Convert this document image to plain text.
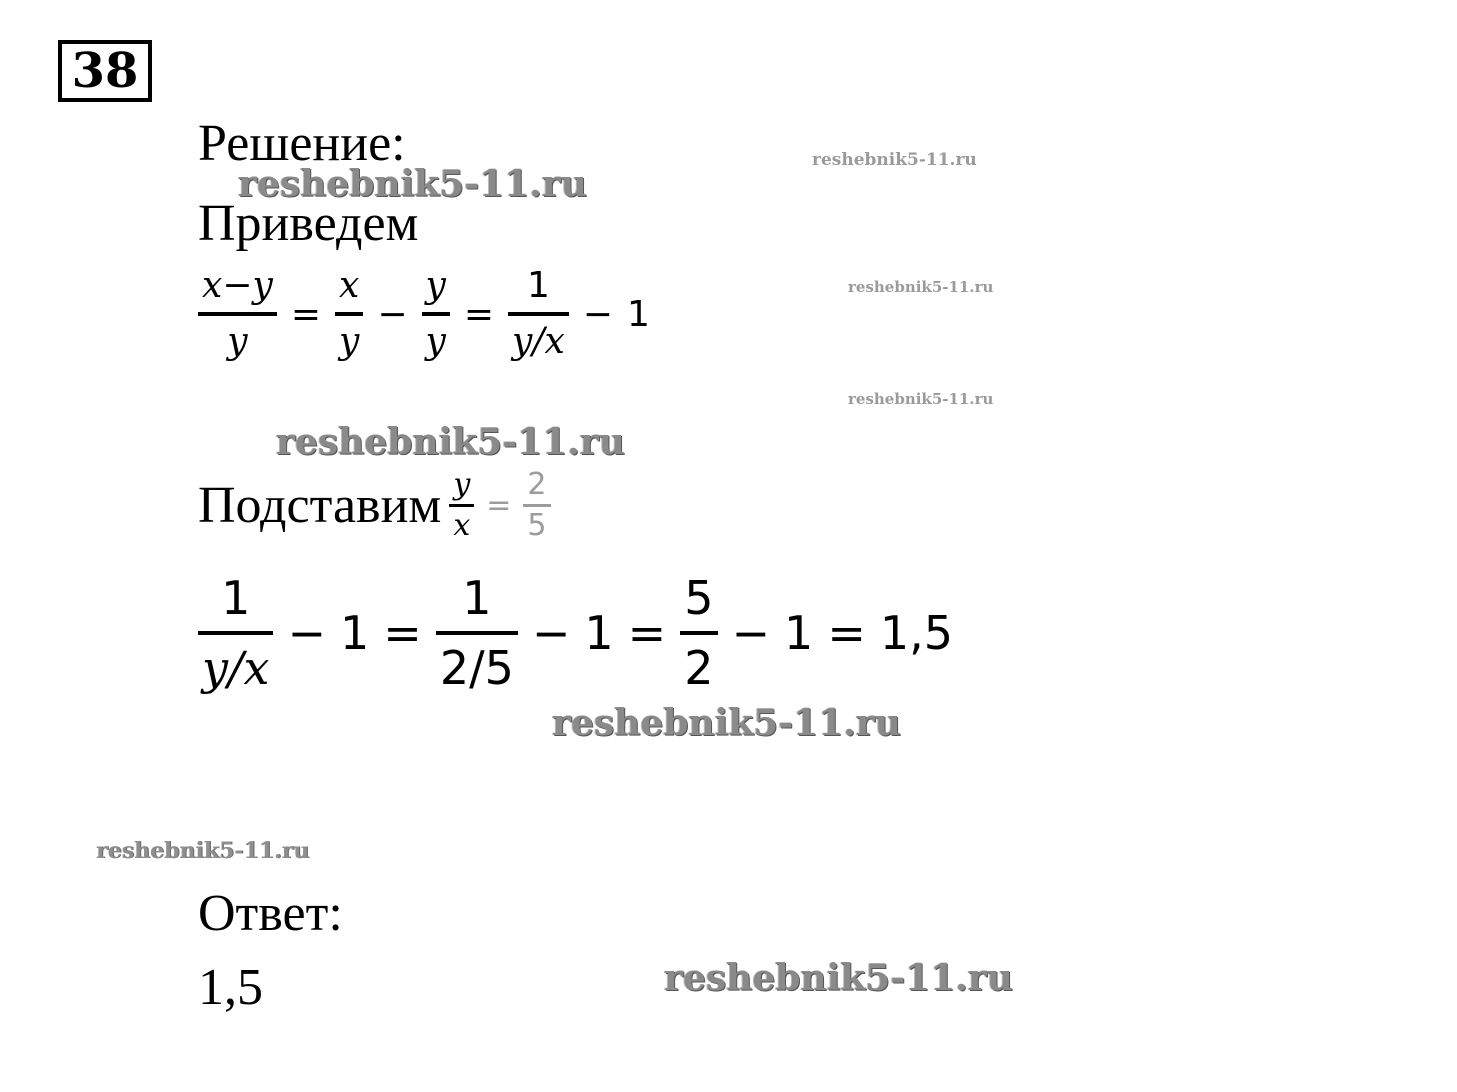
38
Решение:
Приведем
$\frac{x-y}{y} = \frac{x}{y} - \frac{y}{y} = \frac{1}{y/x} - 1$
Подставим $\frac{y}{x} = \frac{2}{5}$
$\frac{1}{y/x} - 1 = \frac{1}{2/5} - 1 = \frac{5}{2} - 1 = 1,5$
Ответ:
1,5
reshebnik5-11.ru
reshebnik5-11.ru
reshebnik5-11.ru
reshebnik5-11.ru
reshebnik5-11.ru
reshebnik5-11.ru
reshebnik5-11.ru
reshebnik5-11.ru
